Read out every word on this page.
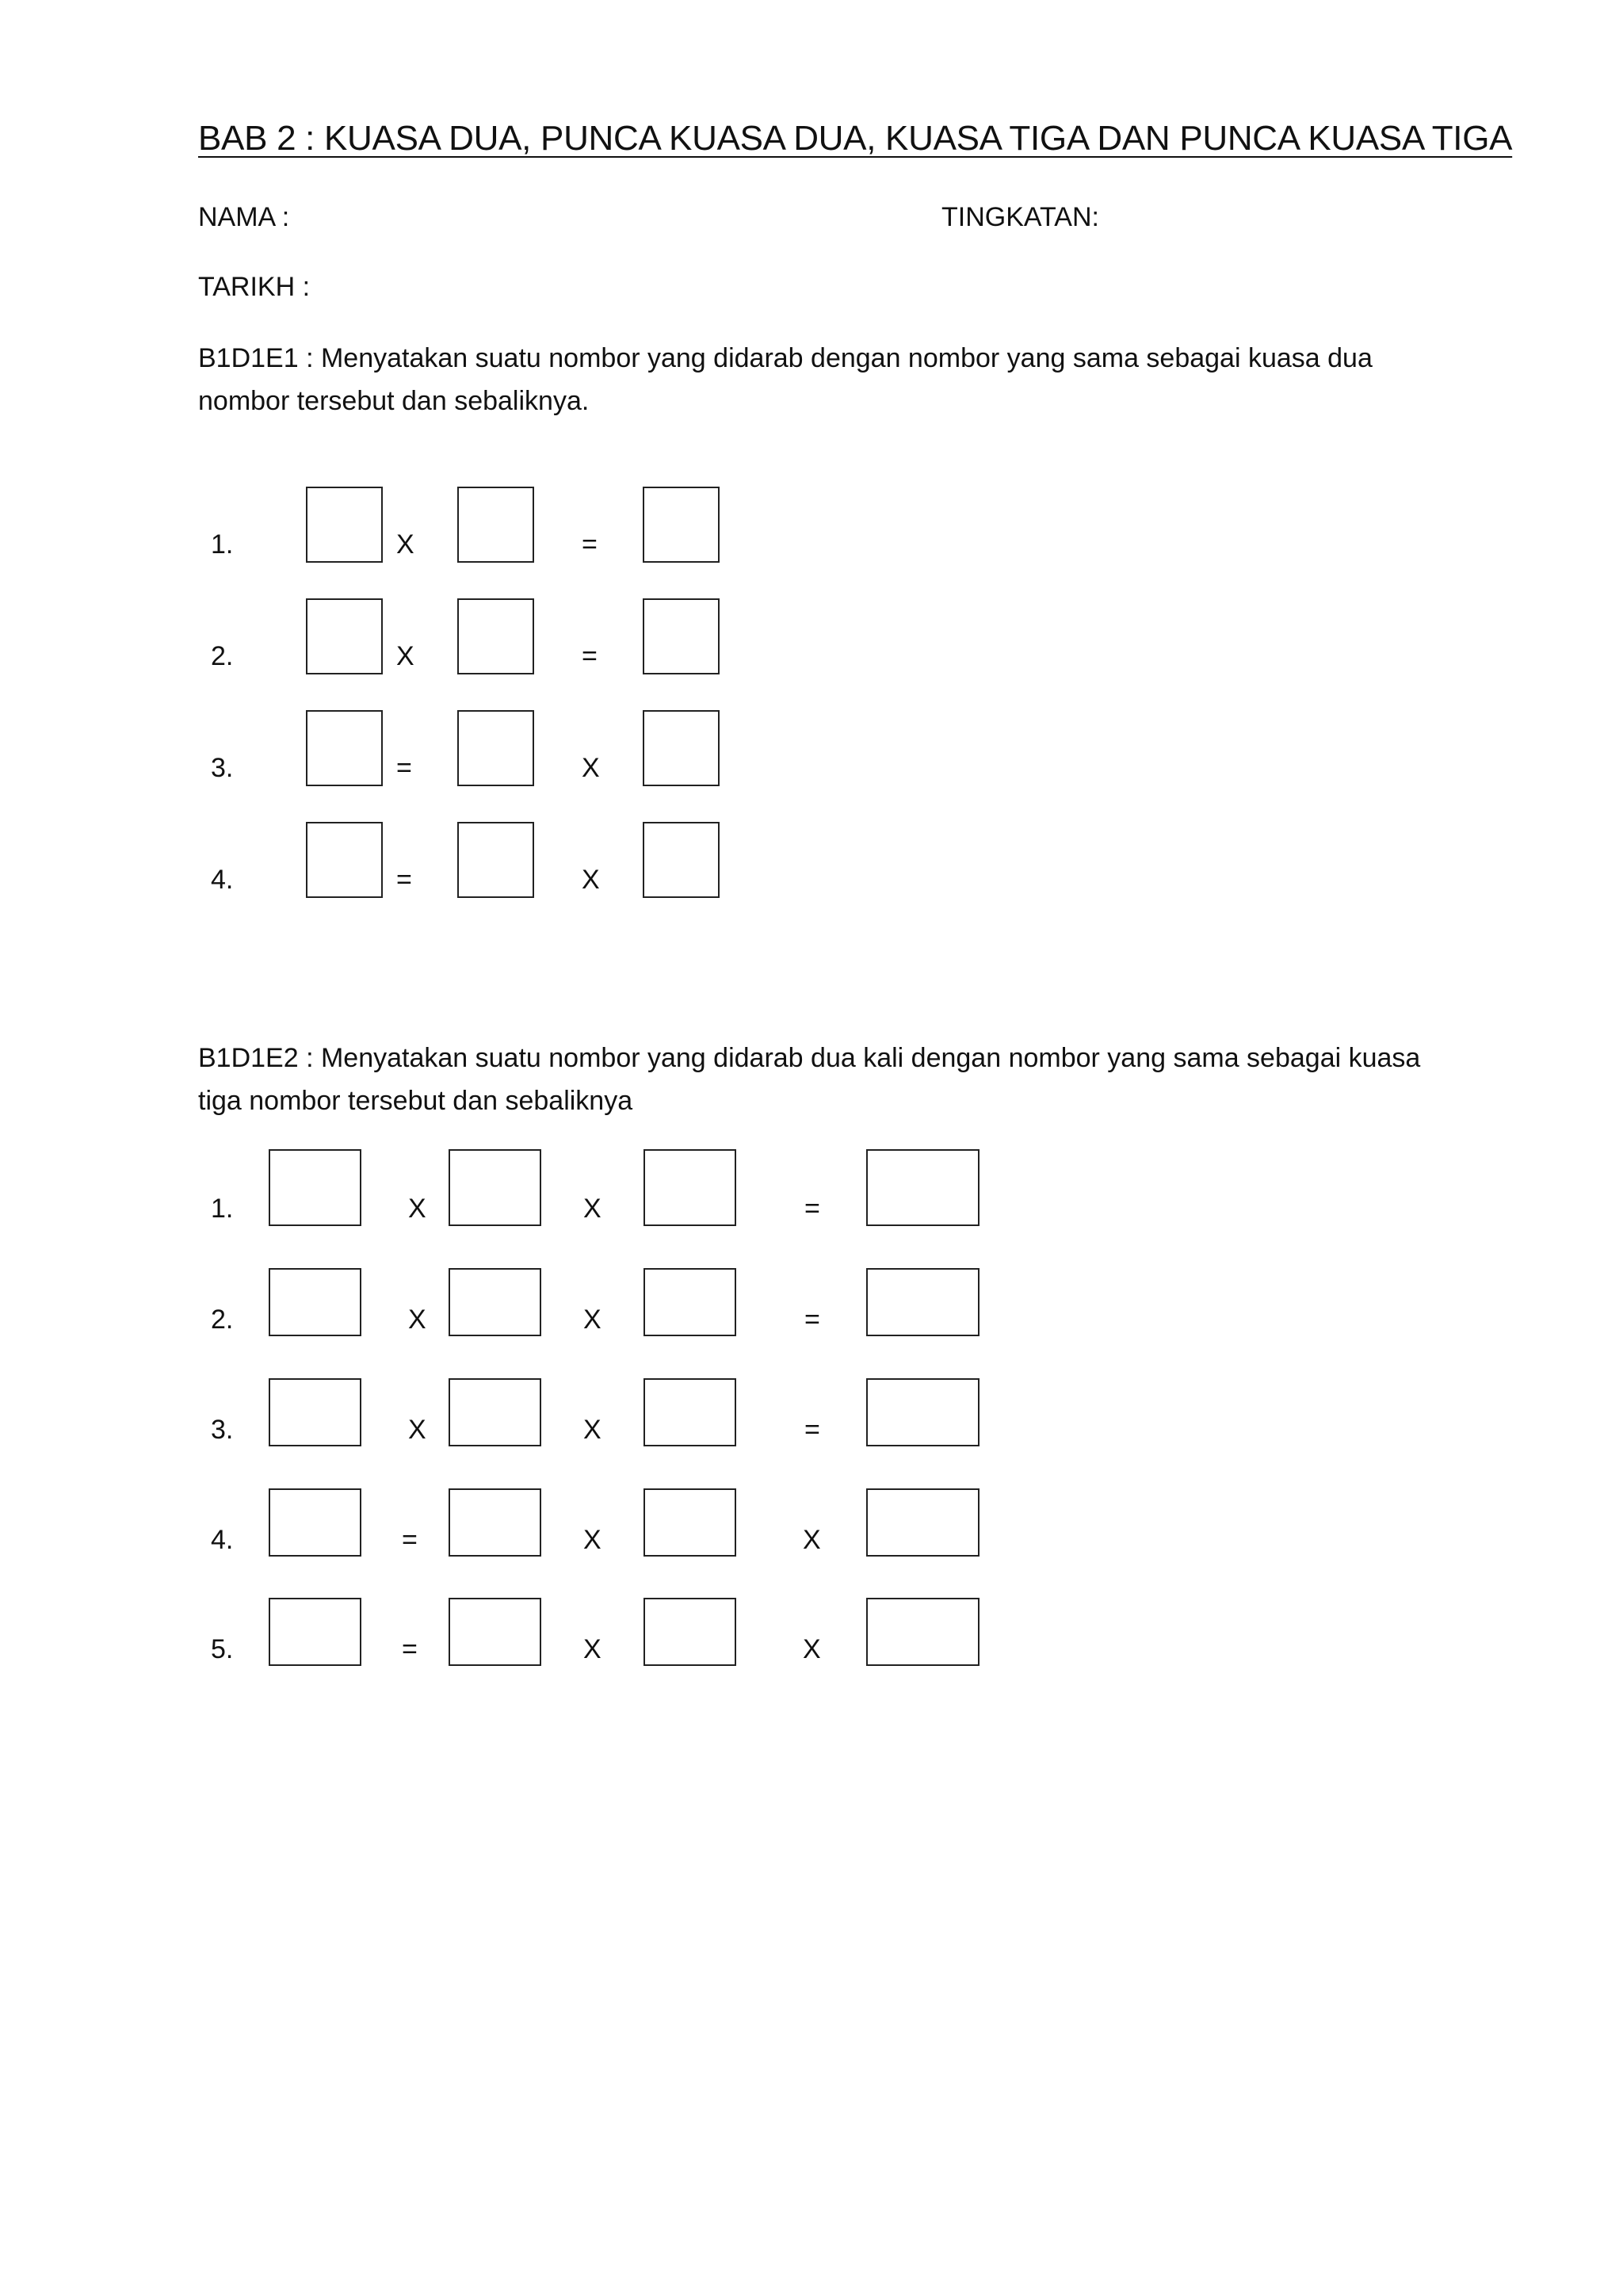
BAB 2 : KUASA DUA, PUNCA KUASA DUA, KUASA TIGA DAN PUNCA KUASA TIGA
NAMA :	TINGKATAN:
TARIKH :
B1D1E1 : Menyatakan suatu nombor yang didarab dengan nombor yang sama sebagai kuasa dua nombor tersebut dan sebaliknya.
1.	X	=
2.	X	=
3.	=	X
4.	=	X
B1D1E2 : Menyatakan suatu nombor yang didarab dua kali dengan nombor yang sama sebagai kuasa tiga nombor tersebut dan sebaliknya
1.	X	X	=
2.	X	X	=
3.	X	X	=
4.	=	X	X
5.	=	X	X
